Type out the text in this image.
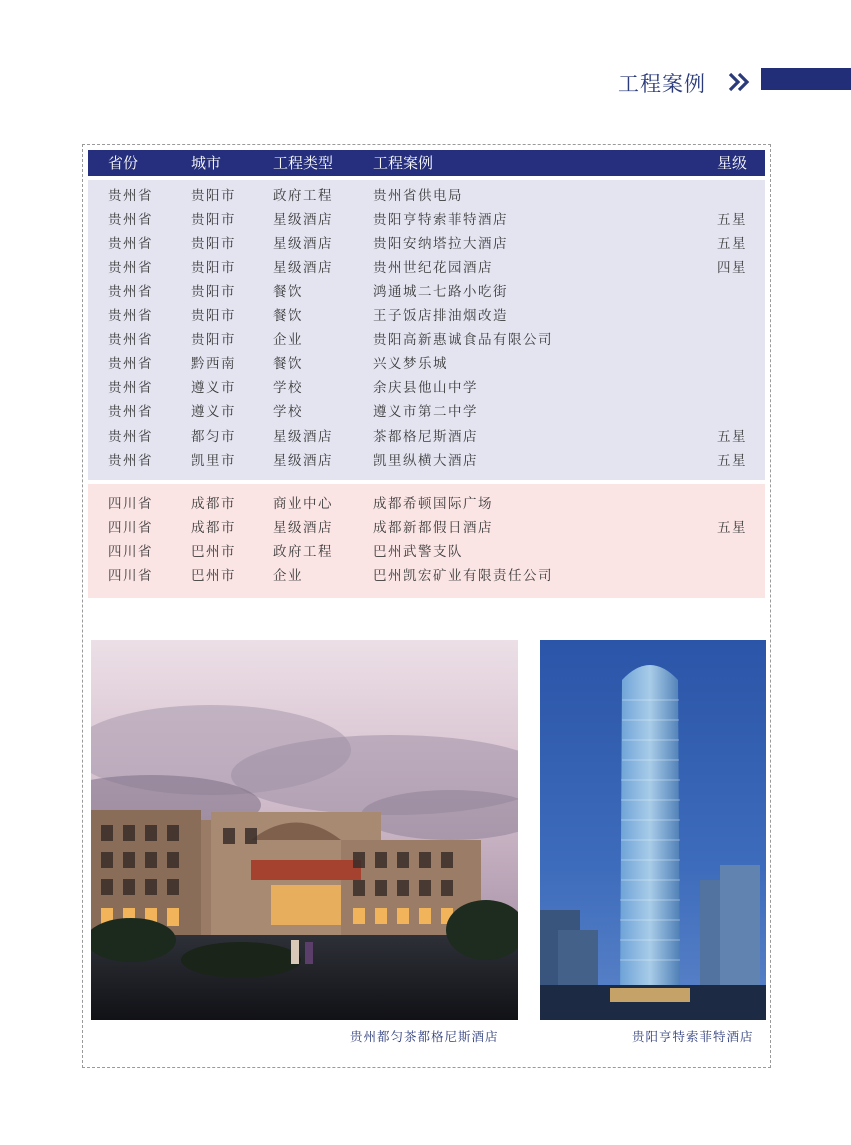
工程案例
省份	城市	工程类型	工程案例	星级
贵州省	贵阳市	政府工程	贵州省供电局
贵州省	贵阳市	星级酒店	贵阳亨特索菲特酒店	五星
贵州省	贵阳市	星级酒店	贵阳安纳塔拉大酒店	五星
贵州省	贵阳市	星级酒店	贵州世纪花园酒店	四星
贵州省	贵阳市	餐饮	鸿通城二七路小吃街
贵州省	贵阳市	餐饮	王子饭店排油烟改造
贵州省	贵阳市	企业	贵阳高新惠诚食品有限公司
贵州省	黔西南	餐饮	兴义梦乐城
贵州省	遵义市	学校	余庆县他山中学
贵州省	遵义市	学校	遵义市第二中学
贵州省	都匀市	星级酒店	茶都格尼斯酒店	五星
贵州省	凯里市	星级酒店	凯里纵横大酒店	五星
四川省	成都市	商业中心	成都希顿国际广场
四川省	成都市	星级酒店	成都新都假日酒店	五星
四川省	巴州市	政府工程	巴州武警支队
四川省	巴州市	企业	巴州凯宏矿业有限责任公司
贵州都匀茶都格尼斯酒店	贵阳亨特索菲特酒店
